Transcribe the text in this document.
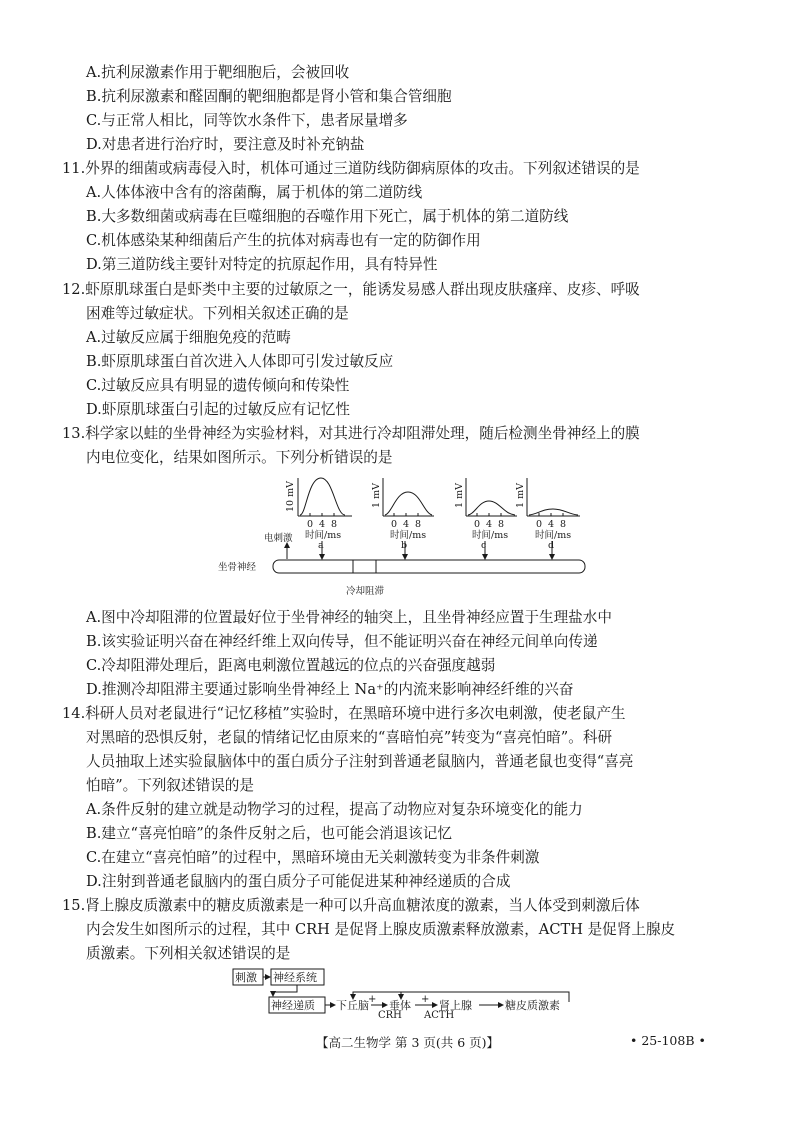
A.抗利尿激素作用于靶细胞后，会被回收
B.抗利尿激素和醛固酮的靶细胞都是肾小管和集合管细胞
C.与正常人相比，同等饮水条件下，患者尿量增多
D.对患者进行治疗时，要注意及时补充钠盐
11.外界的细菌或病毒侵入时，机体可通过三道防线防御病原体的攻击。下列叙述错误的是
A.人体体液中含有的溶菌酶，属于机体的第二道防线
B.大多数细菌或病毒在巨噬细胞的吞噬作用下死亡，属于机体的第二道防线
C.机体感染某种细菌后产生的抗体对病毒也有一定的防御作用
D.第三道防线主要针对特定的抗原起作用，具有特异性
12.虾原肌球蛋白是虾类中主要的过敏原之一，能诱发易感人群出现皮肤瘙痒、皮疹、呼吸
困难等过敏症状。下列相关叙述正确的是
A.过敏反应属于细胞免疫的范畴
B.虾原肌球蛋白首次进入人体即可引发过敏反应
C.过敏反应具有明显的遗传倾向和传染性
D.虾原肌球蛋白引起的过敏反应有记忆性
13.科学家以蛙的坐骨神经为实验材料，对其进行冷却阻滞处理，随后检测坐骨神经上的膜
内电位变化，结果如图所示。下列分析错误的是
10 mV	1 mV	1 mV	1 mV
0 4 8	0 4 8	0 4 8	0 4 8
时间/ms	时间/ms	时间/ms	时间/ms
电刺激
a	b	c	d
坐骨神经
冷却阻滞
A.图中冷却阻滞的位置最好位于坐骨神经的轴突上，且坐骨神经应置于生理盐水中
B.该实验证明兴奋在神经纤维上双向传导，但不能证明兴奋在神经元间单向传递
C.冷却阻滞处理后，距离电刺激位置越远的位点的兴奋强度越弱
D.推测冷却阻滞主要通过影响坐骨神经上 Na⁺的内流来影响神经纤维的兴奋
14.科研人员对老鼠进行“记忆移植”实验时，在黑暗环境中进行多次电刺激，使老鼠产生
对黑暗的恐惧反射，老鼠的情绪记忆由原来的“喜暗怕亮”转变为“喜亮怕暗”。科研
人员抽取上述实验鼠脑体中的蛋白质分子注射到普通老鼠脑内，普通老鼠也变得“喜亮
怕暗”。下列叙述错误的是
A.条件反射的建立就是动物学习的过程，提高了动物应对复杂环境变化的能力
B.建立“喜亮怕暗”的条件反射之后，也可能会消退该记忆
C.在建立“喜亮怕暗”的过程中，黑暗环境由无关刺激转变为非条件刺激
D.注射到普通老鼠脑内的蛋白质分子可能促进某种神经递质的合成
15.肾上腺皮质激素中的糖皮质激素是一种可以升高血糖浓度的激素，当人体受到刺激后体
内会发生如图所示的过程，其中 CRH 是促肾上腺皮质激素释放激素，ACTH 是促肾上腺皮
质激素。下列相关叙述错误的是
刺激 神经系统
神经递质 下丘脑 垂体	肾上腺	糖皮质激素
+	+
CRH ACTH
【高二生物学 第 3 页(共 6 页)】	• 25-108B •
